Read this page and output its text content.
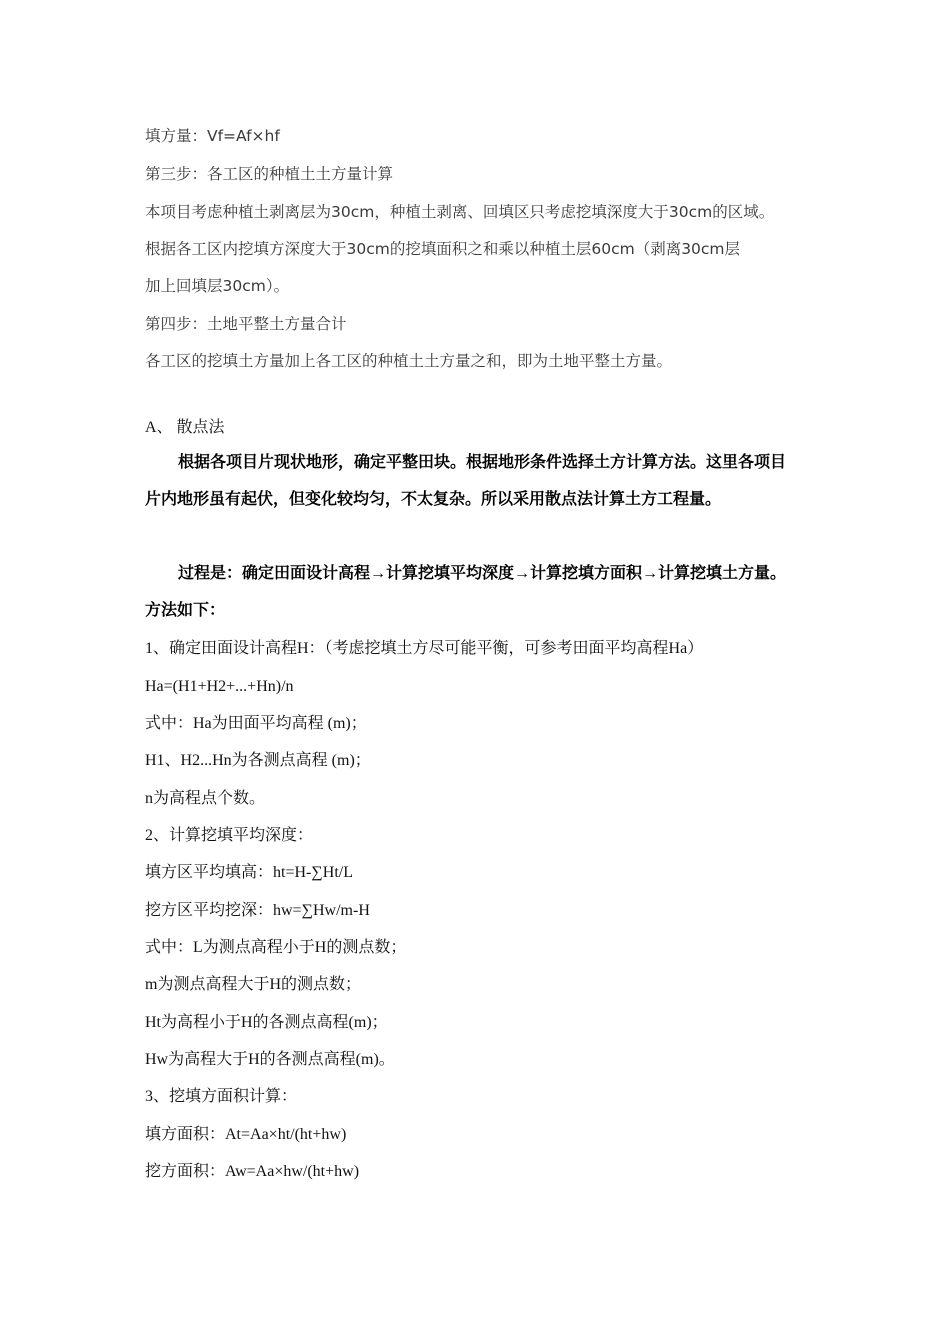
填方量：Vf=Af×hf
第三步：各工区的种植土土方量计算
本项目考虑种植土剥离层为30cm，种植土剥离、回填区只考虑挖填深度大于30cm的区域。
根据各工区内挖填方深度大于30cm的挖填面积之和乘以种植土层60cm（剥离30cm层
加上回填层30cm）。
第四步：土地平整土方量合计
各工区的挖填土方量加上各工区的种植土土方量之和，即为土地平整土方量。
A、 散点法
根据各项目片现状地形，确定平整田块。根据地形条件选择土方计算方法。这里各项目
片内地形虽有起伏，但变化较均匀，不太复杂。所以采用散点法计算土方工程量。
过程是：确定田面设计高程→计算挖填平均深度→计算挖填方面积→计算挖填土方量。
方法如下：
1、确定田面设计高程H：（考虑挖填土方尽可能平衡，可参考田面平均高程Ha）
Ha=(H1+H2+...+Hn)/n
式中：Ha为田面平均高程 (m)；
H1、H2...Hn为各测点高程 (m)；
n为高程点个数。
2、计算挖填平均深度：
填方区平均填高：ht=H-∑Ht/L
挖方区平均挖深：hw=∑Hw/m-H
式中：L为测点高程小于H的测点数；
m为测点高程大于H的测点数；
Ht为高程小于H的各测点高程(m)；
Hw为高程大于H的各测点高程(m)。
3、挖填方面积计算：
填方面积：At=Aa×ht/(ht+hw)
挖方面积：Aw=Aa×hw/(ht+hw)
